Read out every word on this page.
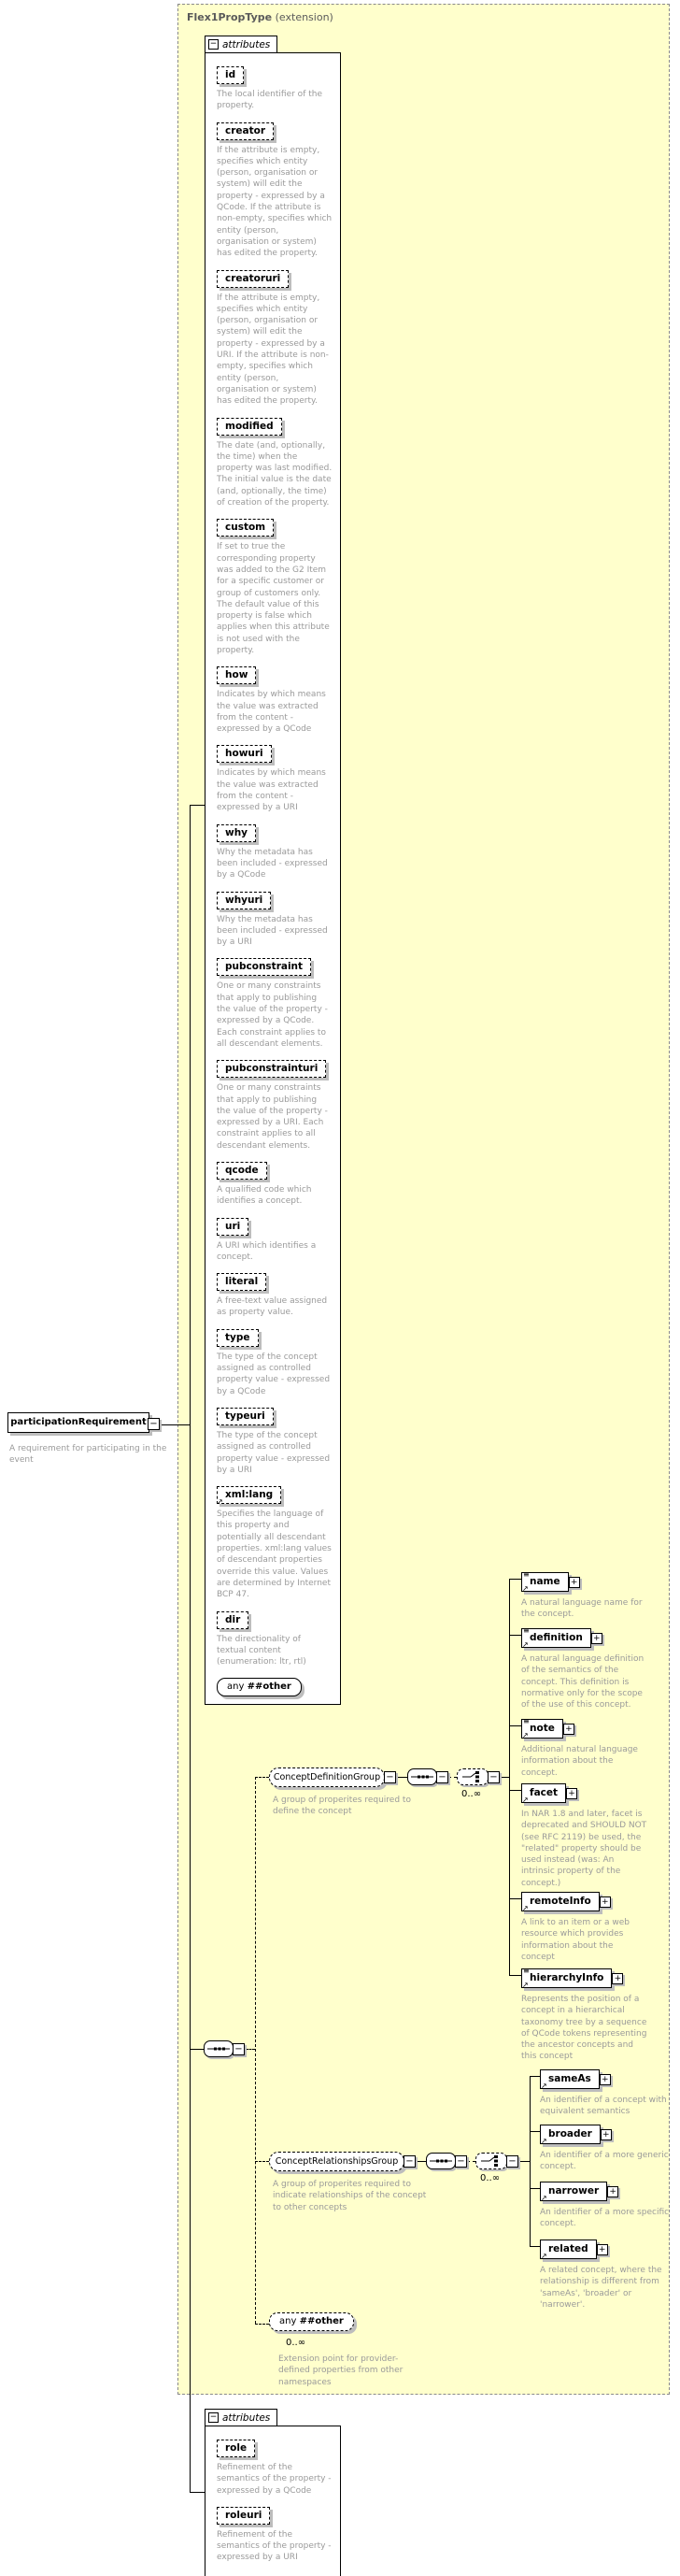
Flex1PropType (extension)
−
− attributes
id
The local identifier of the property.
creator
If the attribute is empty, specifies which entity (person, organisation or system) will edit the property - expressed by a QCode. If the attribute is non-empty, specifies which entity (person, organisation or system) has edited the property.
creatoruri
If the attribute is empty, specifies which entity (person, organisation or system) will edit the property - expressed by a URI. If the attribute is non-empty, specifies which entity (person, organisation or system) has edited the property.
modified
The date (and, optionally, the time) when the property was last modified. The initial value is the date (and, optionally, the time) of creation of the property.
custom
If set to true the corresponding property was added to the G2 Item for a specific customer or group of customers only. The default value of this property is false which applies when this attribute is not used with the property.
how
Indicates by which means the value was extracted from the content - expressed by a QCode
howuri
Indicates by which means the value was extracted from the content - expressed by a URI
why
Why the metadata has been included - expressed by a QCode
whyuri
Why the metadata has been included - expressed by a URI
pubconstraint
One or many constraints that apply to publishing the value of the property - expressed by a QCode. Each constraint applies to all descendant elements.
pubconstrainturi
One or many constraints that apply to publishing the value of the property - expressed by a URI. Each constraint applies to all descendant elements.
qcode
A qualified code which identifies a concept.
uri
A URI which identifies a concept.
literal
A free-text value assigned as property value.
type
The type of the concept assigned as controlled property value - expressed by a QCode
typeuri
The type of the concept assigned as controlled property value - expressed by a URI
↗
xml:lang
Specifies the language of this property and potentially all descendant properties. xml:lang values of descendant properties override this value. Values are determined by Internet BCP 47.
dir
The directionality of textual content (enumeration: ltr, rtl)
any ##other
participationRequirement −
A requirement for participating in the event
ConceptDefinitionGroup −	−	−
0..∞
A group of properites required to define the concept
≡
↗
name +
A natural language name for the concept.
≡
↗
definition +
A natural language definition of the semantics of the concept. This definition is normative only for the scope of the use of this concept.
≡
↗
note +
Additional natural language information about the concept.
↗
facet +
In NAR 1.8 and later, facet is deprecated and SHOULD NOT (see RFC 2119) be used, the "related" property should be used instead (was: An intrinsic property of the concept.)
↗
remoteInfo +
A link to an item or a web resource which provides information about the concept
≡
↗
hierarchyInfo +
Represents the position of a concept in a hierarchical taxonomy tree by a sequence of QCode tokens representing the ancestor concepts and this concept
ConceptRelationshipsGroup −	−	−
0..∞
A group of properites required to indicate relationships of the concept to other concepts
↗
sameAs +
An identifier of a concept with equivalent semantics
↗
broader +
An identifier of a more generic concept.
↗
narrower +
An identifier of a more specific concept.
↗
related +
A related concept, where the relationship is different from 'sameAs', 'broader' or 'narrower'.
any ##other
0..∞
Extension point for provider-defined properties from other namespaces
− attributes
role
Refinement of the semantics of the property - expressed by a QCode
roleuri
Refinement of the semantics of the property - expressed by a URI
